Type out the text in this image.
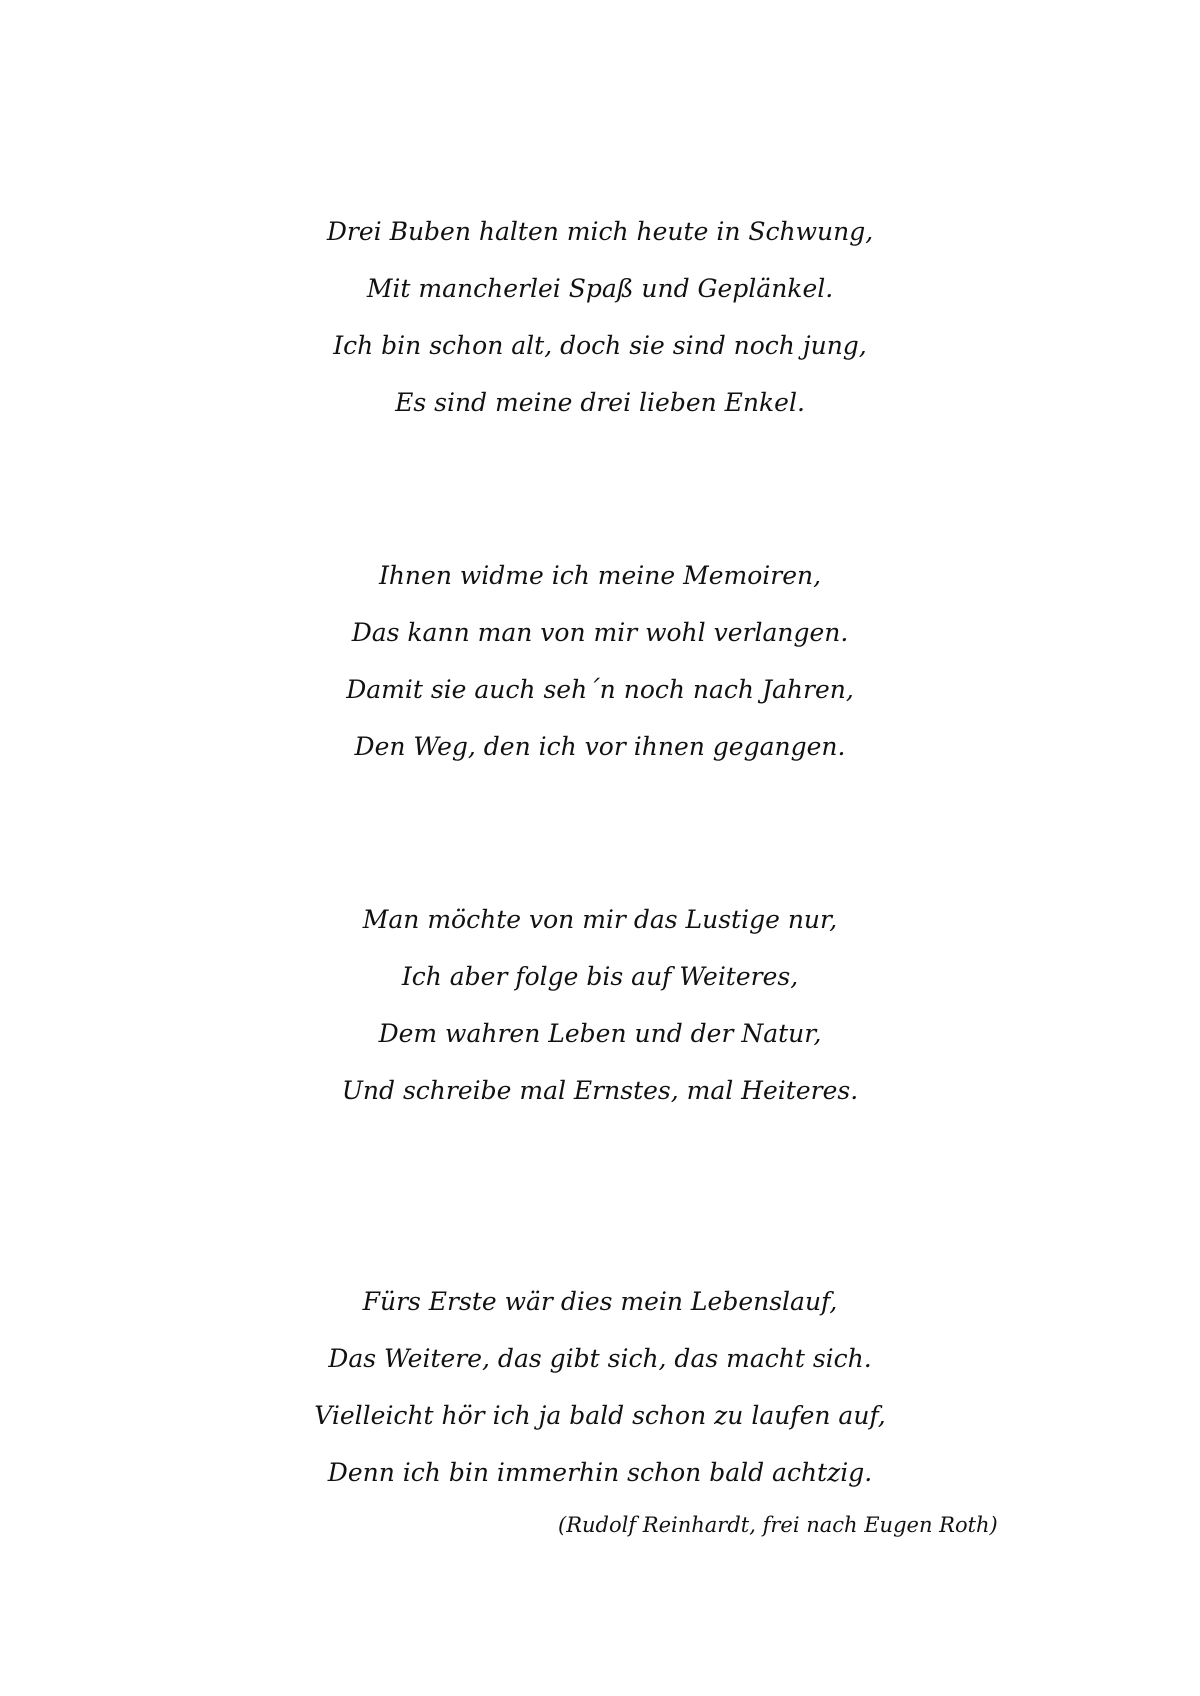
Drei Buben halten mich heute in Schwung,
Mit mancherlei Spaß und Geplänkel.
Ich bin schon alt, doch sie sind noch jung,
Es sind meine drei lieben Enkel.
Ihnen widme ich meine Memoiren,
Das kann man von mir wohl verlangen.
Damit sie auch seh´n noch nach Jahren,
Den Weg, den ich vor ihnen gegangen.
Man möchte von mir das Lustige nur,
Ich aber folge bis auf Weiteres,
Dem wahren Leben und der Natur,
Und schreibe mal Ernstes, mal Heiteres.
Fürs Erste wär dies mein Lebenslauf,
Das Weitere, das gibt sich, das macht sich.
Vielleicht hör ich ja bald schon zu laufen auf,
Denn ich bin immerhin schon bald achtzig.
(Rudolf Reinhardt, frei nach Eugen Roth)
